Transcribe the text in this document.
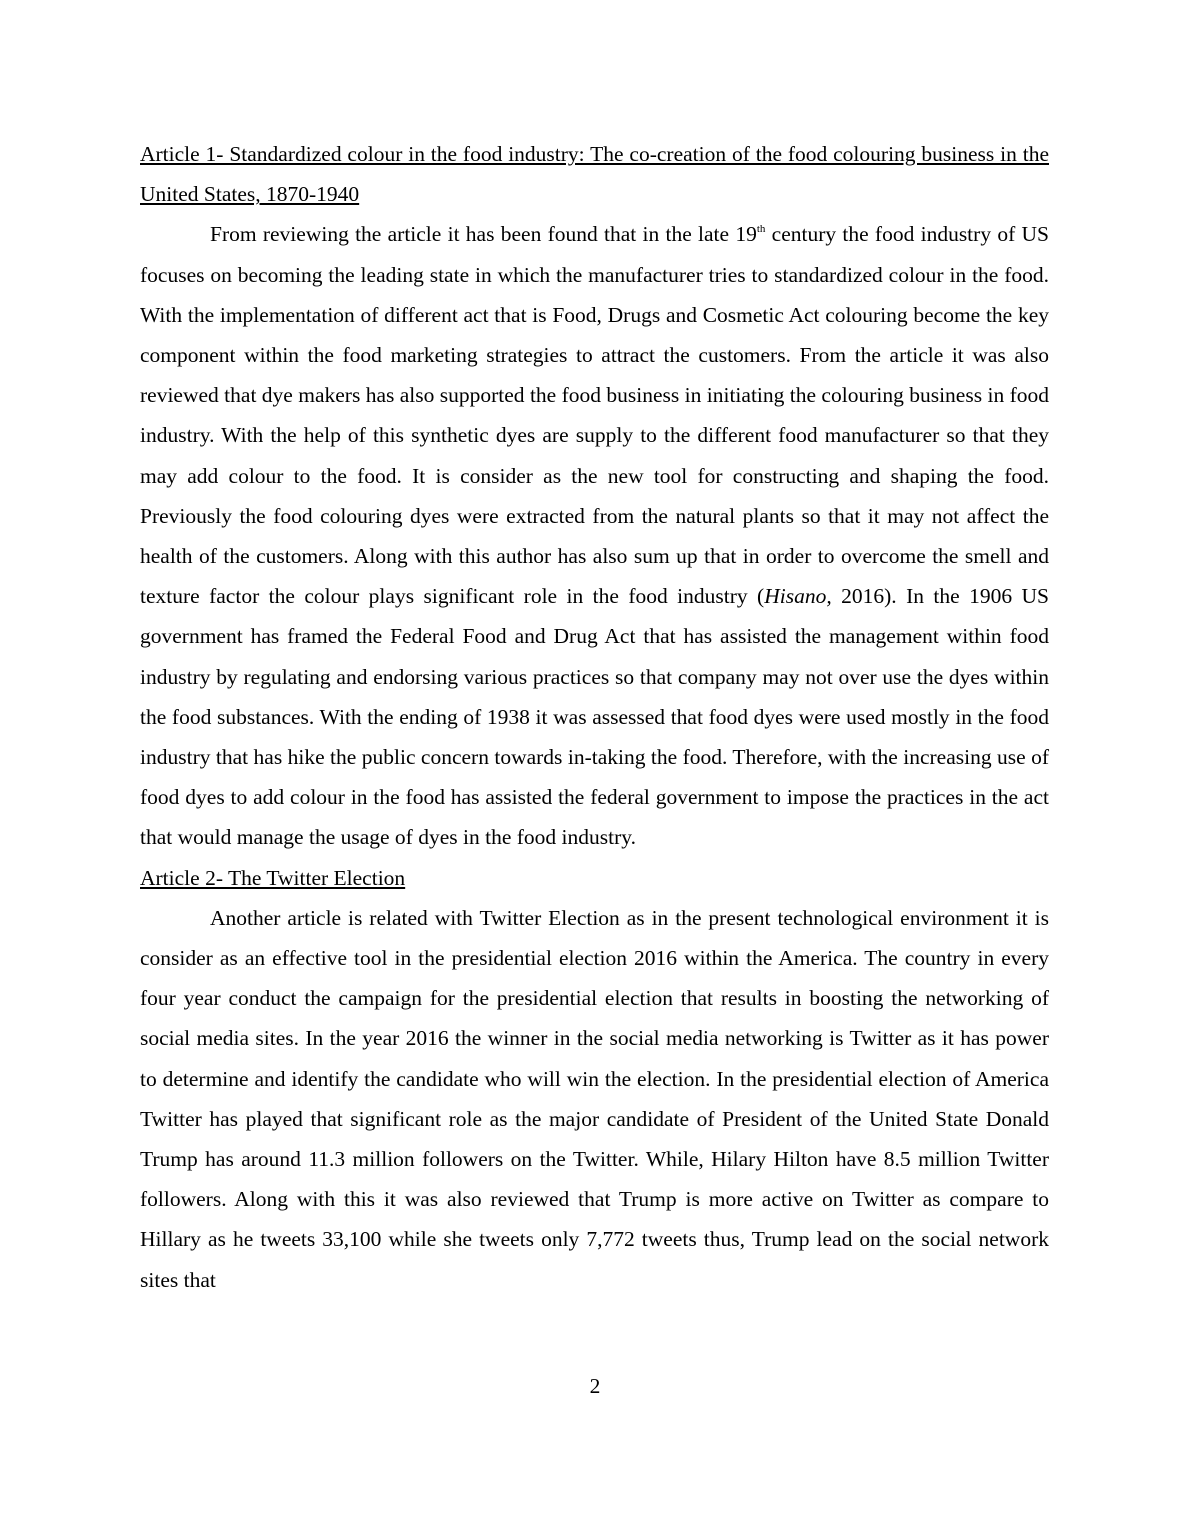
Article 1- Standardized colour in the food industry: The co-creation of the food colouring business in the United States, 1870-1940

From reviewing the article it has been found that in the late 19th century the food industry of US focuses on becoming the leading state in which the manufacturer tries to standardized colour in the food. With the implementation of different act that is Food, Drugs and Cosmetic Act colouring become the key component within the food marketing strategies to attract the customers. From the article it was also reviewed that dye makers has also supported the food business in initiating the colouring business in food industry. With the help of this synthetic dyes are supply to the different food manufacturer so that they may add colour to the food. It is consider as the new tool for constructing and shaping the food. Previously the food colouring dyes were extracted from the natural plants so that it may not affect the health of the customers. Along with this author has also sum up that in order to overcome the smell and texture factor the colour plays significant role in the food industry (Hisano, 2016). In the 1906 US government has framed the Federal Food and Drug Act that has assisted the management within food industry by regulating and endorsing various practices so that company may not over use the dyes within the food substances. With the ending of 1938 it was assessed that food dyes were used mostly in the food industry that has hike the public concern towards in-taking the food. Therefore, with the increasing use of food dyes to add colour in the food has assisted the federal government to impose the practices in the act that would manage the usage of dyes in the food industry.

Article 2- The Twitter Election

Another article is related with Twitter Election as in the present technological environment it is consider as an effective tool in the presidential election 2016 within the America. The country in every four year conduct the campaign for the presidential election that results in boosting the networking of social media sites. In the year 2016 the winner in the social media networking is Twitter as it has power to determine and identify the candidate who will win the election. In the presidential election of America Twitter has played that significant role as the major candidate of President of the United State Donald Trump has around 11.3 million followers on the Twitter. While, Hilary Hilton have 8.5 million Twitter followers. Along with this it was also reviewed that Trump is more active on Twitter as compare to Hillary as he tweets 33,100 while she tweets only 7,772 tweets thus, Trump lead on the social network sites that

2
